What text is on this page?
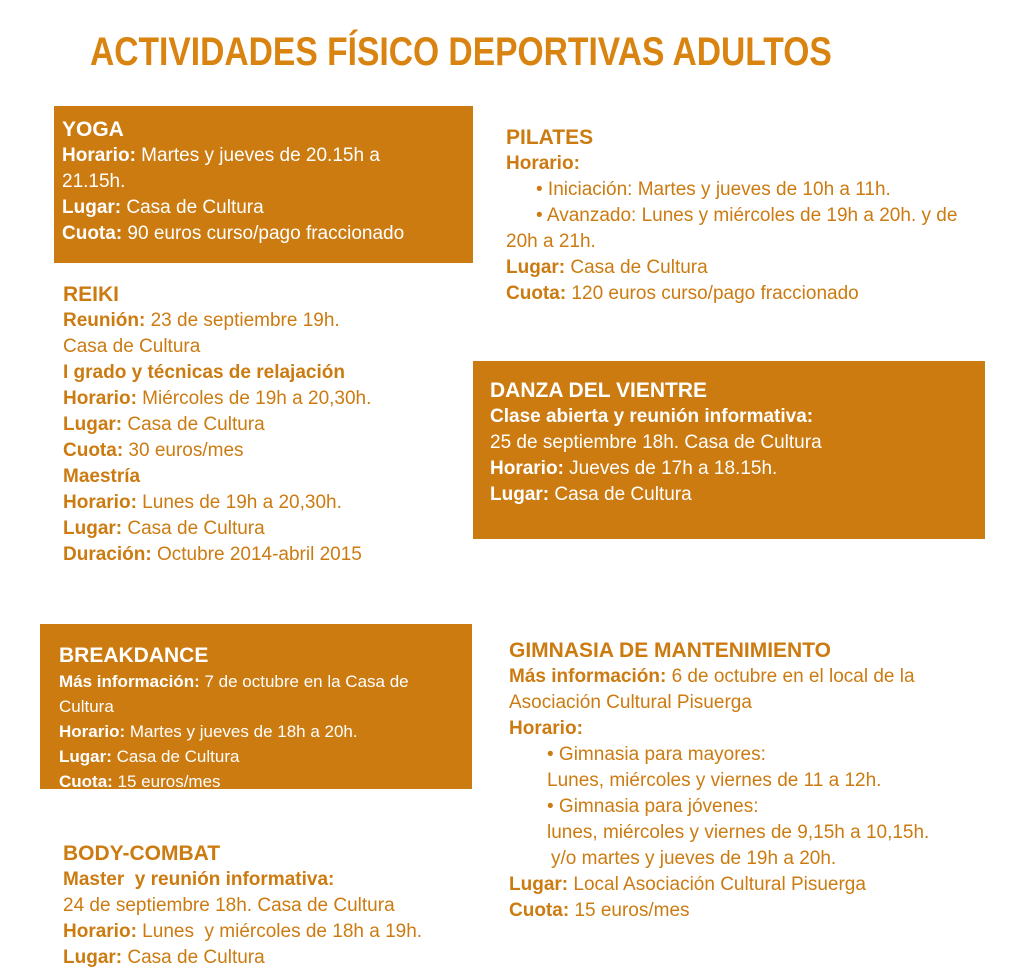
ACTIVIDADES FÍSICO DEPORTIVAS ADULTOS
YOGA
Horario: Martes y jueves de 20.15h a
21.15h.
Lugar: Casa de Cultura
Cuota: 90 euros curso/pago fraccionado
PILATES
Horario:
• Iniciación: Martes y jueves de 10h a 11h.
• Avanzado: Lunes y miércoles de 19h a 20h. y de
20h a 21h.
Lugar: Casa de Cultura
Cuota: 120 euros curso/pago fraccionado
REIKI
Reunión: 23 de septiembre 19h.
Casa de Cultura
I grado y técnicas de relajación
Horario: Miércoles de 19h a 20,30h.
Lugar: Casa de Cultura
Cuota: 30 euros/mes
Maestría
Horario: Lunes de 19h a 20,30h.
Lugar: Casa de Cultura
Duración: Octubre 2014-abril 2015
DANZA DEL VIENTRE
Clase abierta y reunión informativa:
25 de septiembre 18h. Casa de Cultura
Horario: Jueves de 17h a 18.15h.
Lugar: Casa de Cultura
BREAKDANCE
Más información: 7 de octubre en la Casa de
Cultura
Horario: Martes y jueves de 18h a 20h.
Lugar: Casa de Cultura
Cuota: 15 euros/mes
GIMNASIA DE MANTENIMIENTO
Más información: 6 de octubre en el local de la
Asociación Cultural Pisuerga
Horario:
• Gimnasia para mayores:
Lunes, miércoles y viernes de 11 a 12h.
• Gimnasia para jóvenes:
lunes, miércoles y viernes de 9,15h a 10,15h.
y/o martes y jueves de 19h a 20h.
Lugar: Local Asociación Cultural Pisuerga
Cuota: 15 euros/mes
BODY-COMBAT
Master  y reunión informativa:
24 de septiembre 18h. Casa de Cultura
Horario: Lunes  y miércoles de 18h a 19h.
Lugar: Casa de Cultura
